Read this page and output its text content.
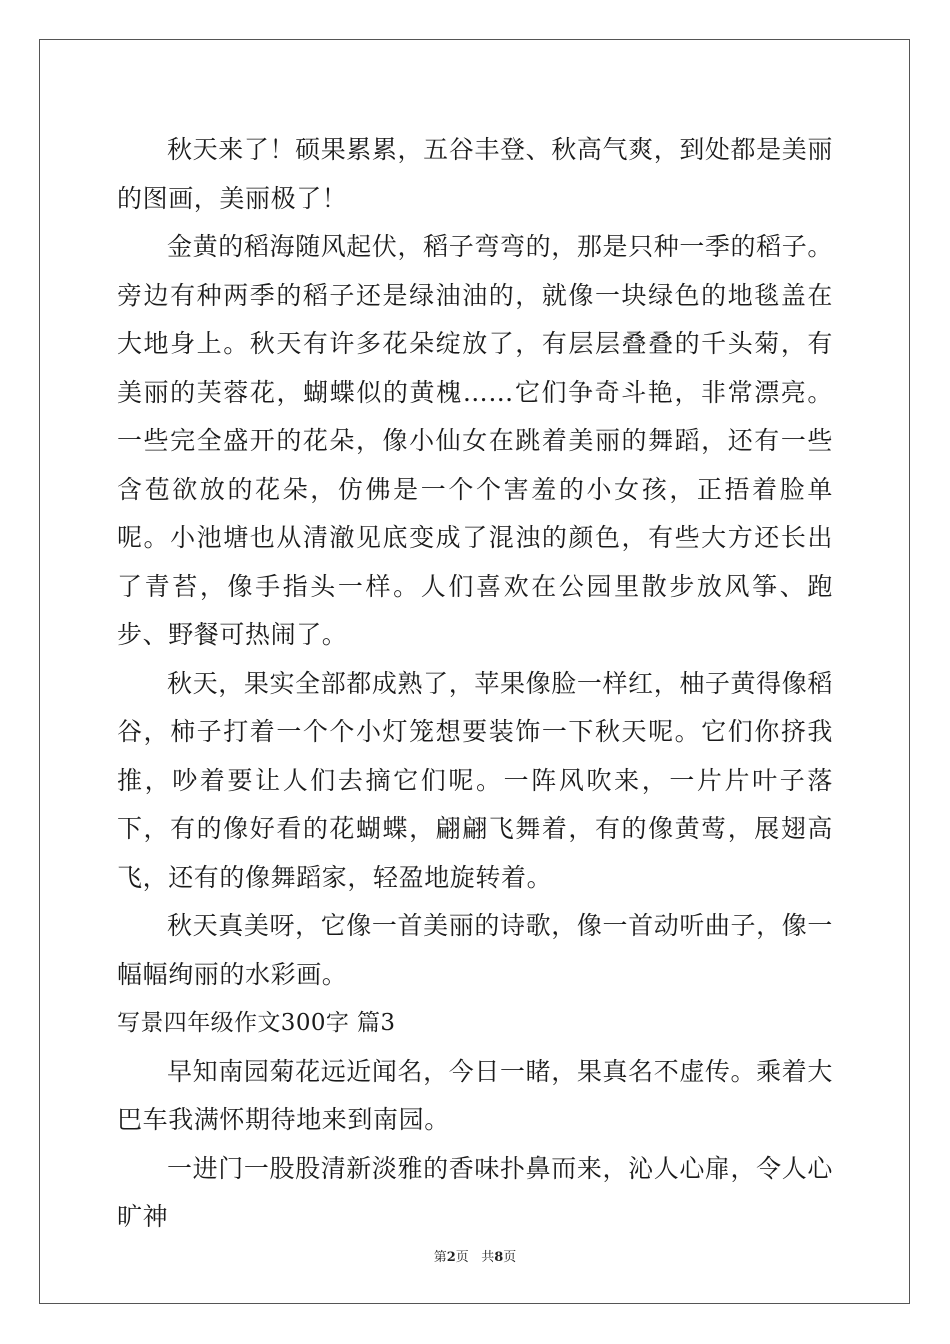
秋天来了！硕果累累，五谷丰登、秋高气爽，到处都是美丽的图画，美丽极了！

金黄的稻海随风起伏，稻子弯弯的，那是只种一季的稻子。旁边有种两季的稻子还是绿油油的，就像一块绿色的地毯盖在大地身上。秋天有许多花朵绽放了，有层层叠叠的千头菊，有美丽的芙蓉花，蝴蝶似的黄槐……它们争奇斗艳，非常漂亮。一些完全盛开的花朵，像小仙女在跳着美丽的舞蹈，还有一些含苞欲放的花朵，仿佛是一个个害羞的小女孩，正捂着脸单呢。小池塘也从清澈见底变成了混浊的颜色，有些大方还长出了青苔，像手指头一样。人们喜欢在公园里散步放风筝、跑步、野餐可热闹了。

秋天，果实全部都成熟了，苹果像脸一样红，柚子黄得像稻谷，柿子打着一个个小灯笼想要装饰一下秋天呢。它们你挤我推，吵着要让人们去摘它们呢。一阵风吹来，一片片叶子落下，有的像好看的花蝴蝶，翩翩飞舞着，有的像黄莺，展翅高飞，还有的像舞蹈家，轻盈地旋转着。

秋天真美呀，它像一首美丽的诗歌，像一首动听曲子，像一幅幅绚丽的水彩画。

写景四年级作文300字 篇3

早知南园菊花远近闻名，今日一睹，果真名不虚传。乘着大巴车我满怀期待地来到南园。

一进门一股股清新淡雅的香味扑鼻而来，沁人心扉，令人心旷神

第2页   共8页
